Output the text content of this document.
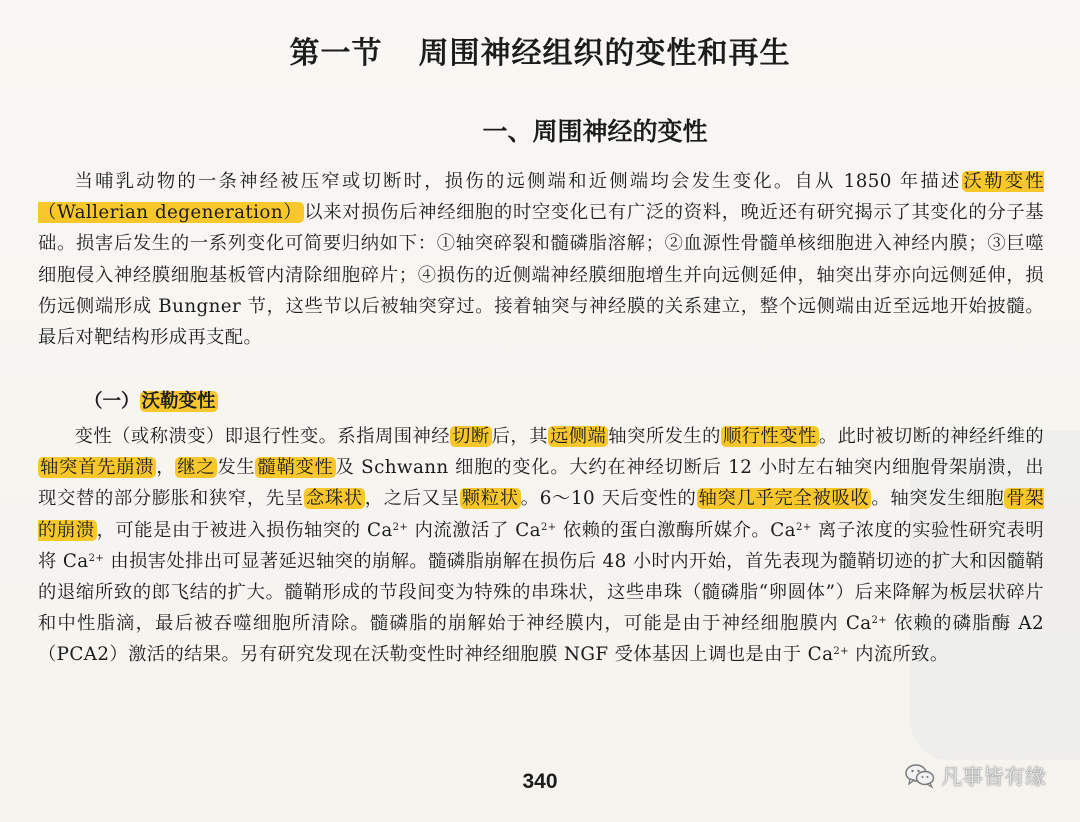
第一节 周围神经组织的变性和再生
一、周围神经的变性
当哺乳动物的一条神经被压窄或切断时，损伤的远侧端和近侧端均会发生变化。自从 1850 年描述 沃勒变性（Wallerian degeneration） 以来对损伤后神经细胞的时空变化已有广泛的资料，晚近还有研究揭示了其变化的分子基础。损害后发生的一系列变化可简要归纳如下：①轴突碎裂和髓磷脂溶解；②血源性骨髓单核细胞进入神经内膜；③巨噬细胞侵入神经膜细胞基板管内清除细胞碎片；④损伤的近侧端神经膜细胞增生并向远侧延伸，轴突出芽亦向远侧延伸，损伤远侧端形成 Bungner 节，这些节以后被轴突穿过。接着轴突与神经膜的关系建立，整个远侧端由近至远地开始披髓。最后对靶结构形成再支配。
（一） 沃勒变性
变性（或称溃变）即退行性变。系指周围神经 切断 后，其 远侧端 轴突所发生的 顺行性变性 。此时被切断的神经纤维的轴突首先崩溃 ， 继之 发生 髓鞘变性 及 Schwann 细胞的变化。大约在神经切断后 12 小时左右轴突内细胞骨架崩溃，出现交替的部分膨胀和狭窄，先呈 念珠状 ，之后又呈 颗粒状 。6～10 天后变性的 轴突几乎完全被吸收 。轴突发生细胞 骨架的崩溃 ，可能是由于被进入损伤轴突的 $Ca^{2+}$ 内流激活了 $Ca^{2+}$ 依赖的蛋白激酶所媒介。$Ca^{2+}$ 离子浓度的实验性研究表明将 $Ca^{2+}$ 由损害处排出可显著延迟轴突的崩解。髓磷脂崩解在损伤后 48 小时内开始，首先表现为髓鞘切迹的扩大和因髓鞘的退缩所致的郎飞结的扩大。髓鞘形成的节段间变为特殊的串珠状，这些串珠（髓磷脂“卵圆体”）后来降解为板层状碎片和中性脂滴，最后被吞噬细胞所清除。髓磷脂的崩解始于神经膜内，可能是由于神经细胞膜内 $Ca^{2+}$ 依赖的磷脂酶 A2（PCA2）激活的结果。另有研究发现在沃勒变性时神经细胞膜 NGF 受体基因上调也是由于 $Ca^{2+}$ 内流所致。
340	凡事皆有缘
